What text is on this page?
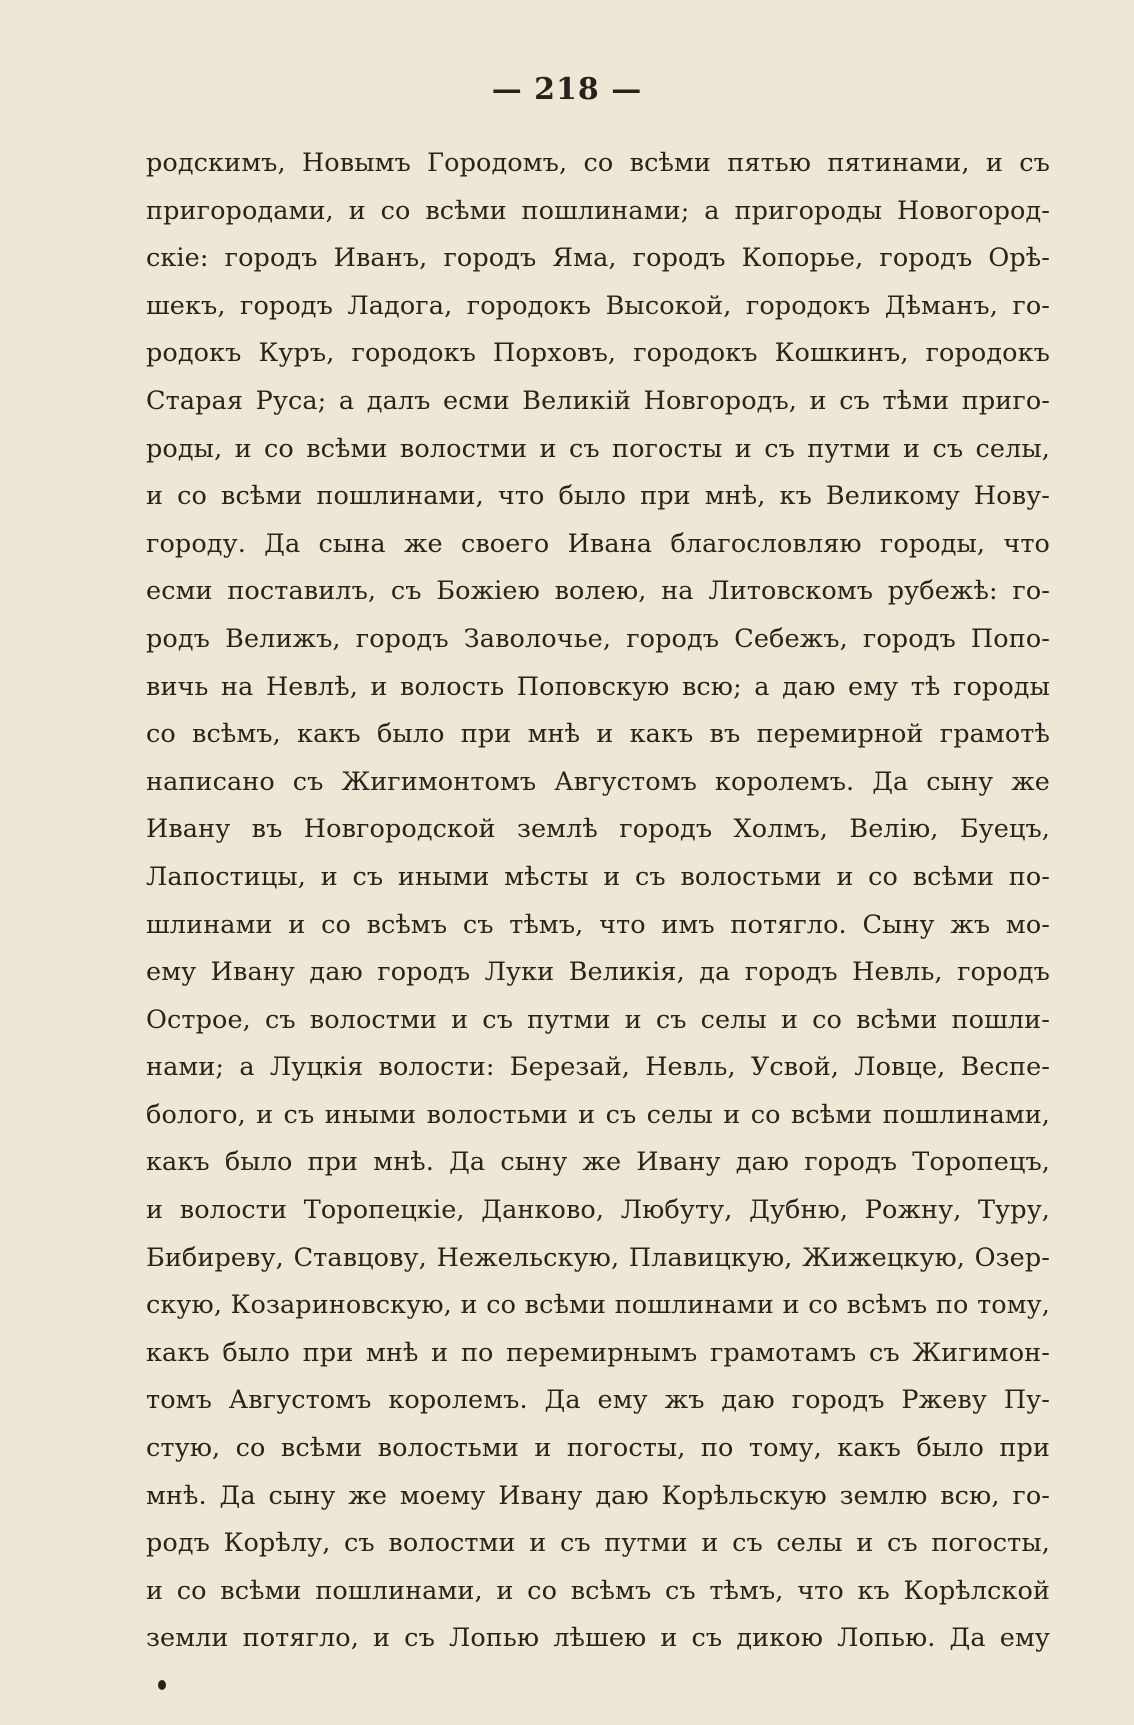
— 218 —
родскимъ, Новымъ Городомъ, со всѣми пятью пятинами, и съ
пригородами, и со всѣми пошлинами; а пригороды Новогород-
скіе: городъ Иванъ, городъ Яма, городъ Копорье, городъ Орѣ-
шекъ, городъ Ладога, городокъ Высокой, городокъ Дѣманъ, го-
родокъ Куръ, городокъ Порховъ, городокъ Кошкинъ, городокъ
Старая Руса; а далъ есми Великій Новгородъ, и съ тѣми приго-
роды, и со всѣми волостми и съ погосты и съ путми и съ селы,
и со всѣми пошлинами, что было при мнѣ, къ Великому Нову-
городу. Да сына же своего Ивана благословляю городы, что
есми поставилъ, съ Божіею волею, на Литовскомъ рубежѣ: го-
родъ Велижъ, городъ Заволочье, городъ Себежъ, городъ Попо-
вичь на Невлѣ, и волость Поповскую всю; а даю ему тѣ городы
со всѣмъ, какъ было при мнѣ и какъ въ перемирной грамотѣ
написано съ Жигимонтомъ Августомъ королемъ. Да сыну же
Ивану въ Новгородской землѣ городъ Холмъ, Велію, Буецъ,
Лапостицы, и съ иными мѣсты и съ волостьми и со всѣми по-
шлинами и со всѣмъ съ тѣмъ, что имъ потягло. Сыну жъ мо-
ему Ивану даю городъ Луки Великія, да городъ Невль, городъ
Острое, съ волостми и съ путми и съ селы и со всѣми пошли-
нами; а Луцкія волости: Березай, Невль, Усвой, Ловце, Веспе-
бологo, и съ иными волостьми и съ селы и со всѣми пошлинами,
какъ было при мнѣ. Да сыну же Ивану даю городъ Торопецъ,
и волости Торопецкіе, Данково, Любуту, Дубню, Рожну, Туру,
Бибиреву, Ставцову, Нежельскую, Плавицкую, Жижецкую, Озер-
скую, Козариновскую, и со всѣми пошлинами и со всѣмъ по тому,
какъ было при мнѣ и по перемирнымъ грамотамъ съ Жигимон-
томъ Августомъ королемъ. Да ему жъ даю городъ Ржеву Пу-
стую, со всѣми волостьми и погосты, по тому, какъ было при
мнѣ. Да сыну же моему Ивану даю Корѣльскую землю всю, го-
родъ Корѣлу, съ волостми и съ путми и съ селы и съ погосты,
и со всѣми пошлинами, и со всѣмъ съ тѣмъ, что къ Корѣлской
земли потягло, и съ Лопью лѣшею и съ дикою Лопью. Да ему
